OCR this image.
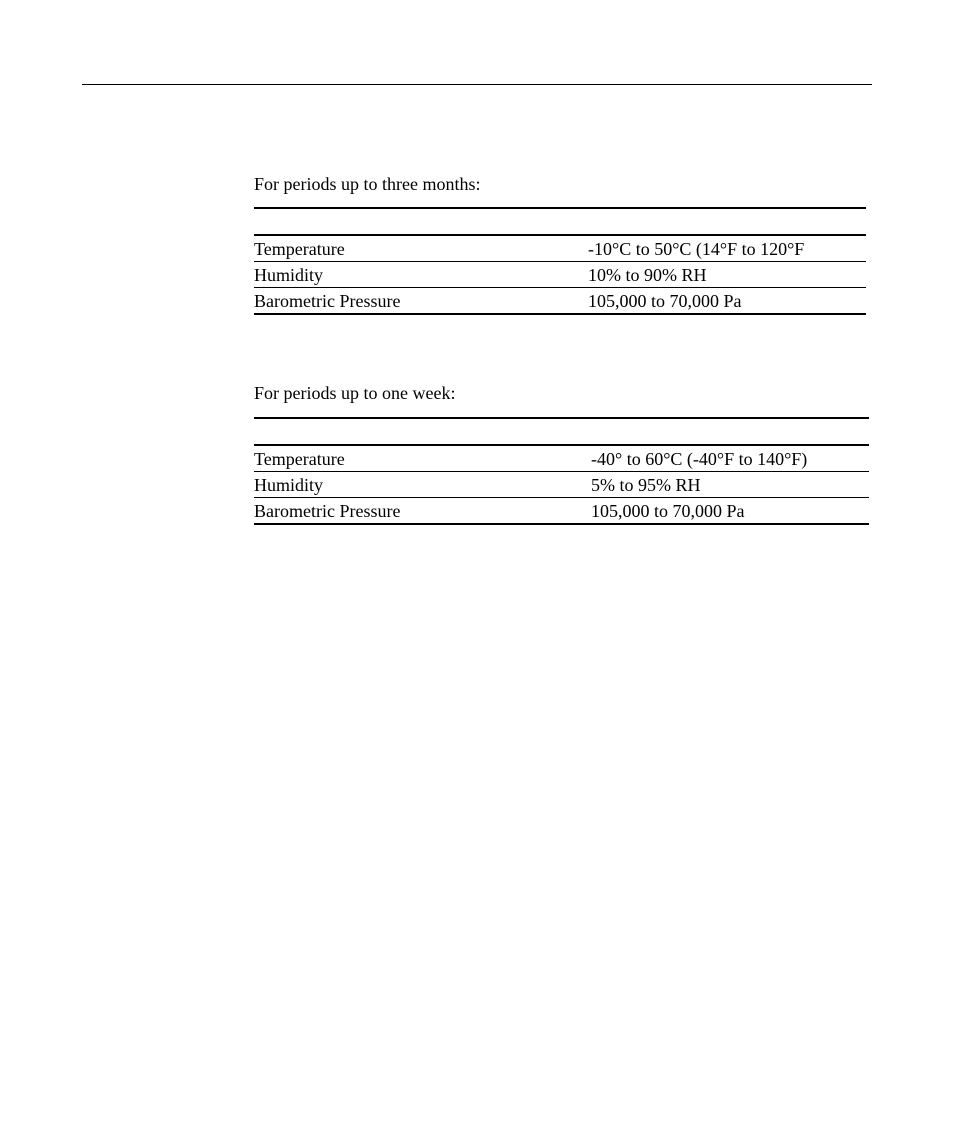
For periods up to three months:
Temperature	-10°C to 50°C (14°F to 120°F
Humidity	10% to 90% RH
Barometric Pressure	105,000 to 70,000 Pa
For periods up to one week:
Temperature	-40° to 60°C (-40°F to 140°F)
Humidity	5% to 95% RH
Barometric Pressure	105,000 to 70,000 Pa
